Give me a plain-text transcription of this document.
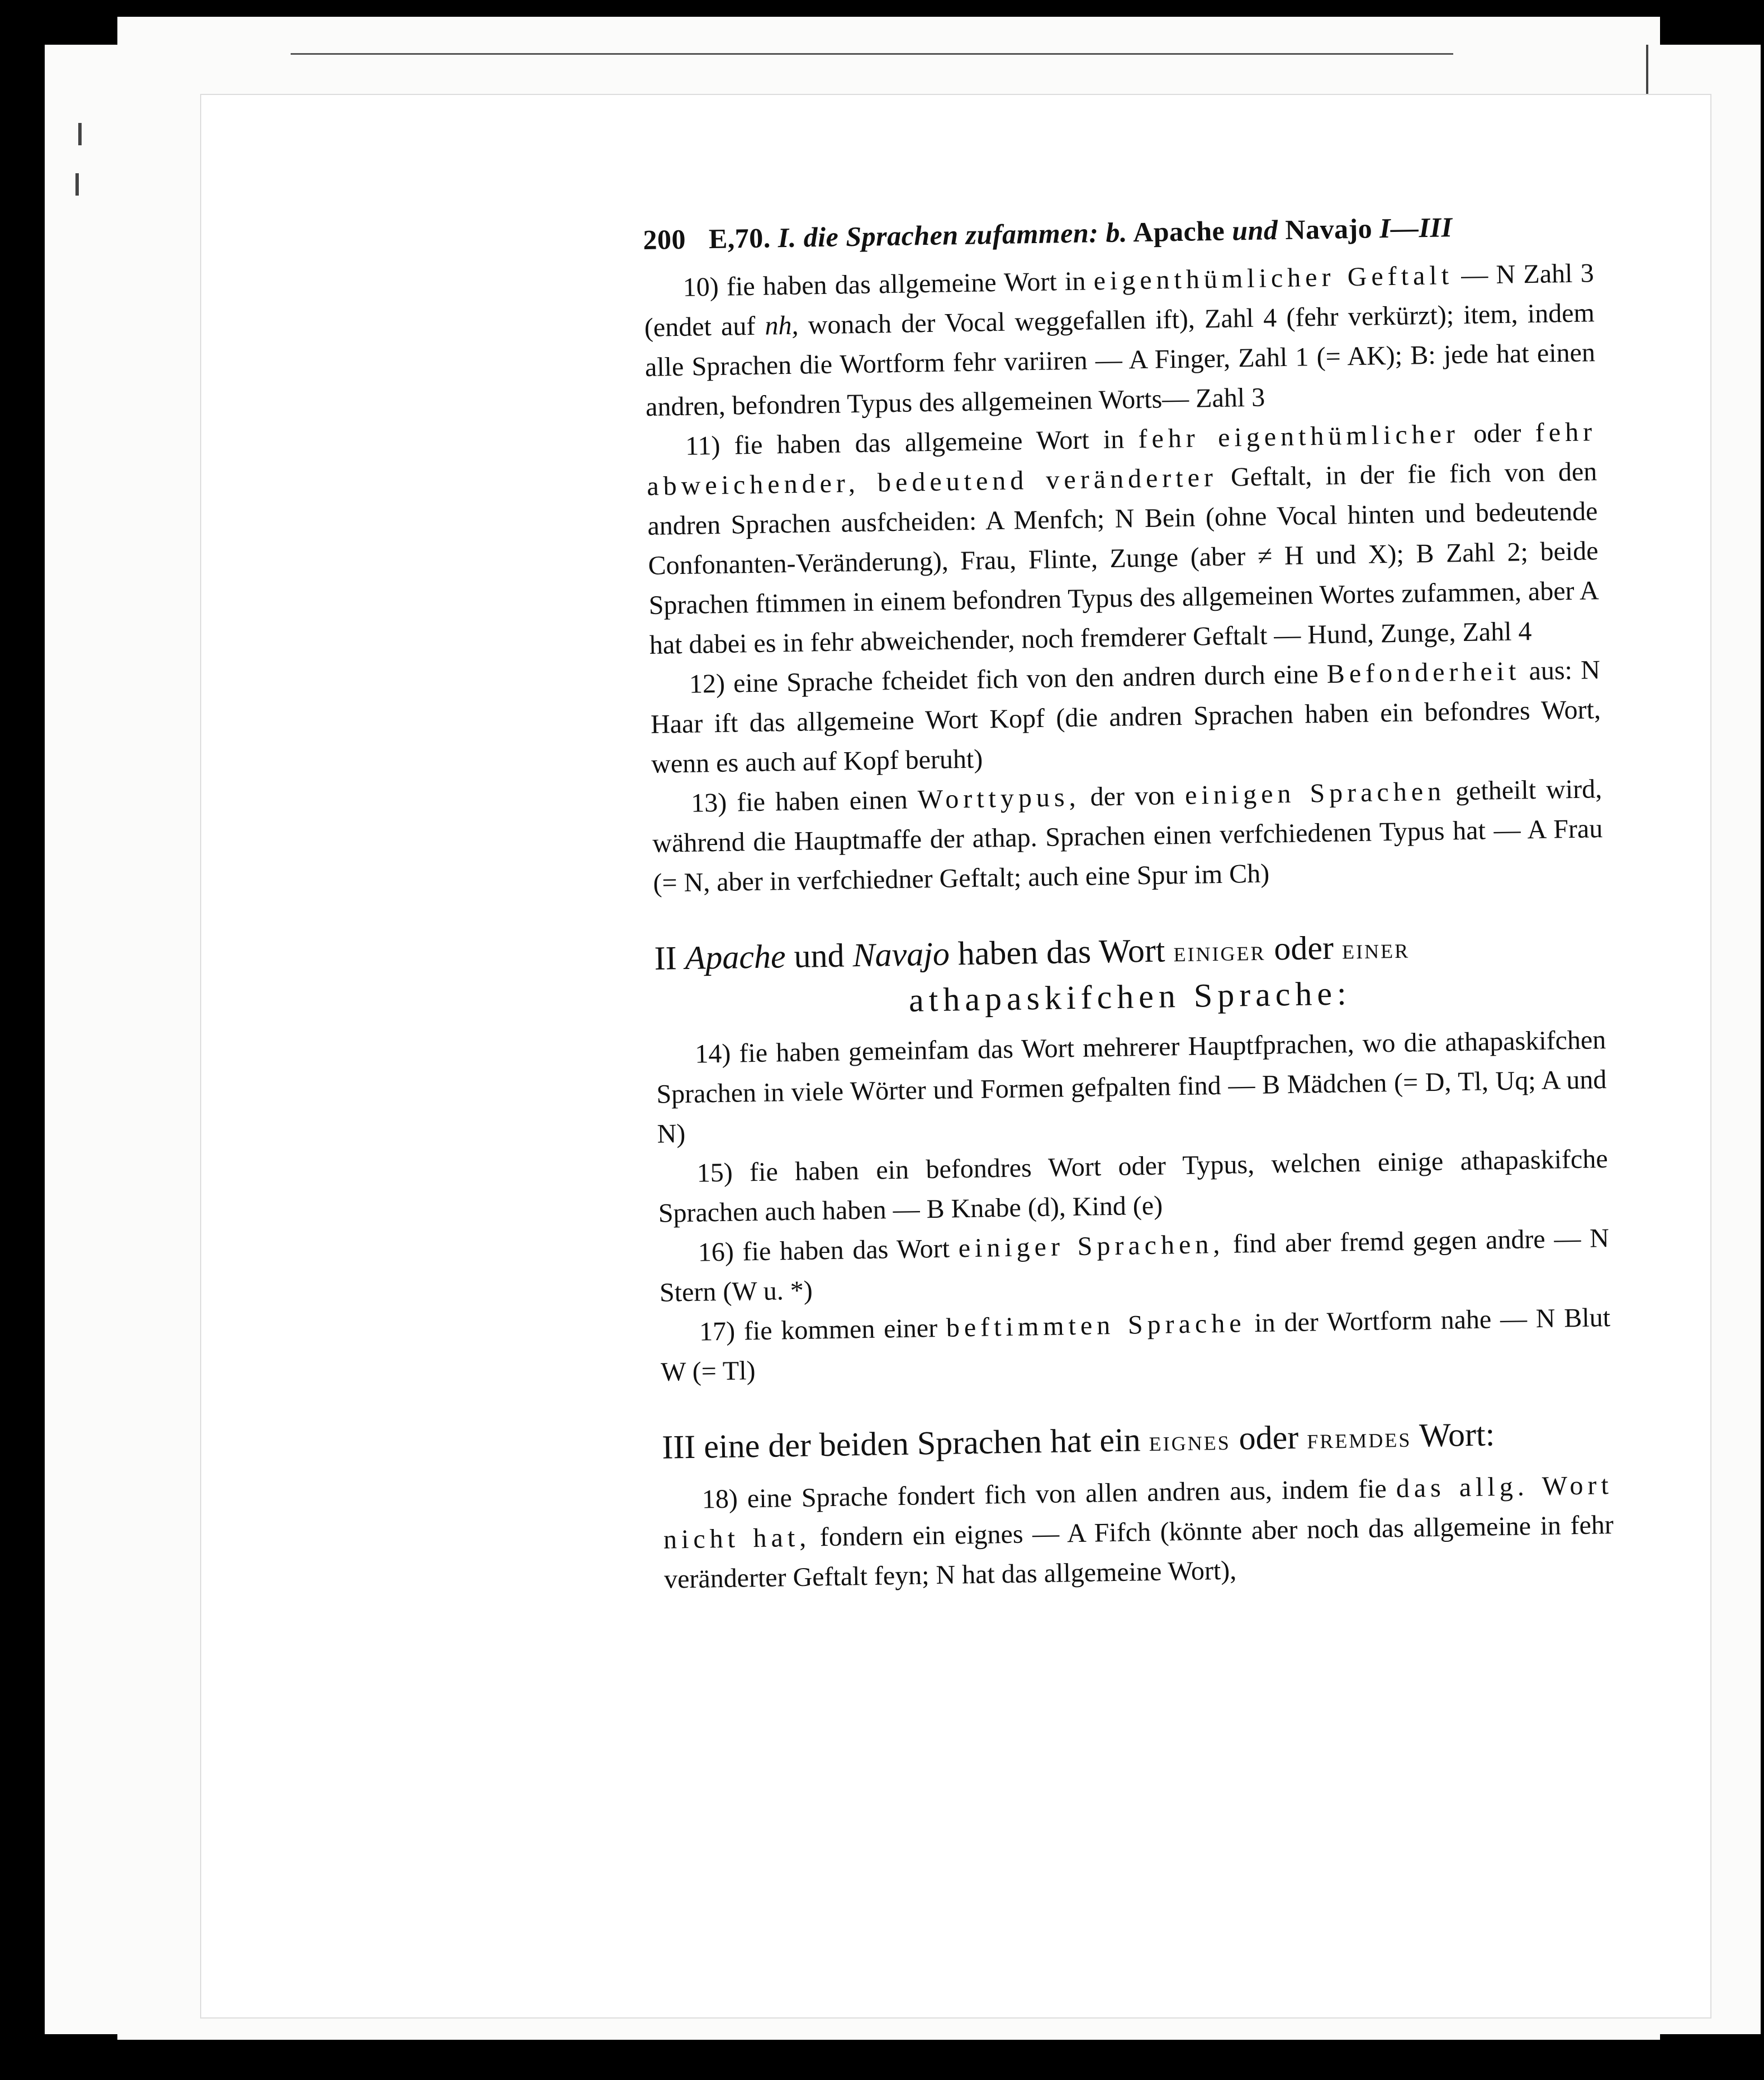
200 E,70. I. die Sprachen zufammen: b. Apache und Navajo I—III

10) fie haben das allgemeine Wort in eigenthümlicher Geftalt — N Zahl 3 (endet auf nh, wonach der Vocal weggefallen ift), Zahl 4 (fehr verkürzt); item, indem alle Sprachen die Wortform fehr variiren — A Finger, Zahl 1 (= AK); B: jede hat einen andren, befondren Typus des allgemeinen Worts— Zahl 3

11) fie haben das allgemeine Wort in fehr eigenthümlicher oder fehr abweichender, bedeutend veränderter Geftalt, in der fie fich von den andren Sprachen ausfcheiden: A Menfch; N Bein (ohne Vocal hinten und bedeutende Confonanten-Veränderung), Frau, Flinte, Zunge (aber ≠ H und X); B Zahl 2; beide Sprachen ftimmen in einem befondren Typus des allgemeinen Wortes zufammen, aber A hat dabei es in fehr abweichender, noch fremderer Geftalt — Hund, Zunge, Zahl 4

12) eine Sprache fcheidet fich von den andren durch eine Befonderheit aus: N Haar ift das allgemeine Wort Kopf (die andren Sprachen haben ein befondres Wort, wenn es auch auf Kopf beruht)

13) fie haben einen Worttypus, der von einigen Sprachen getheilt wird, während die Hauptmaffe der athap. Sprachen einen verfchiedenen Typus hat — A Frau (= N, aber in verfchiedner Geftalt; auch eine Spur im Ch)

II Apache und Navajo haben das Wort einiger oder einer
athapaskifchen Sprache:

14) fie haben gemeinfam das Wort mehrerer Hauptfprachen, wo die athapaskifchen Sprachen in viele Wörter und Formen gefpalten find — B Mädchen (= D, Tl, Uq; A und N)

15) fie haben ein befondres Wort oder Typus, welchen einige athapaskifche Sprachen auch haben — B Knabe (d), Kind (e)

16) fie haben das Wort einiger Sprachen, find aber fremd gegen andre — N Stern (W u. *)

17) fie kommen einer beftimmten Sprache in der Wortform nahe — N Blut W (= Tl)

III eine der beiden Sprachen hat ein eignes oder fremdes Wort:

18) eine Sprache fondert fich von allen andren aus, indem fie das allg. Wort nicht hat, fondern ein eignes — A Fifch (könnte aber noch das allgemeine in fehr veränderter Geftalt feyn; N hat das allgemeine Wort),
